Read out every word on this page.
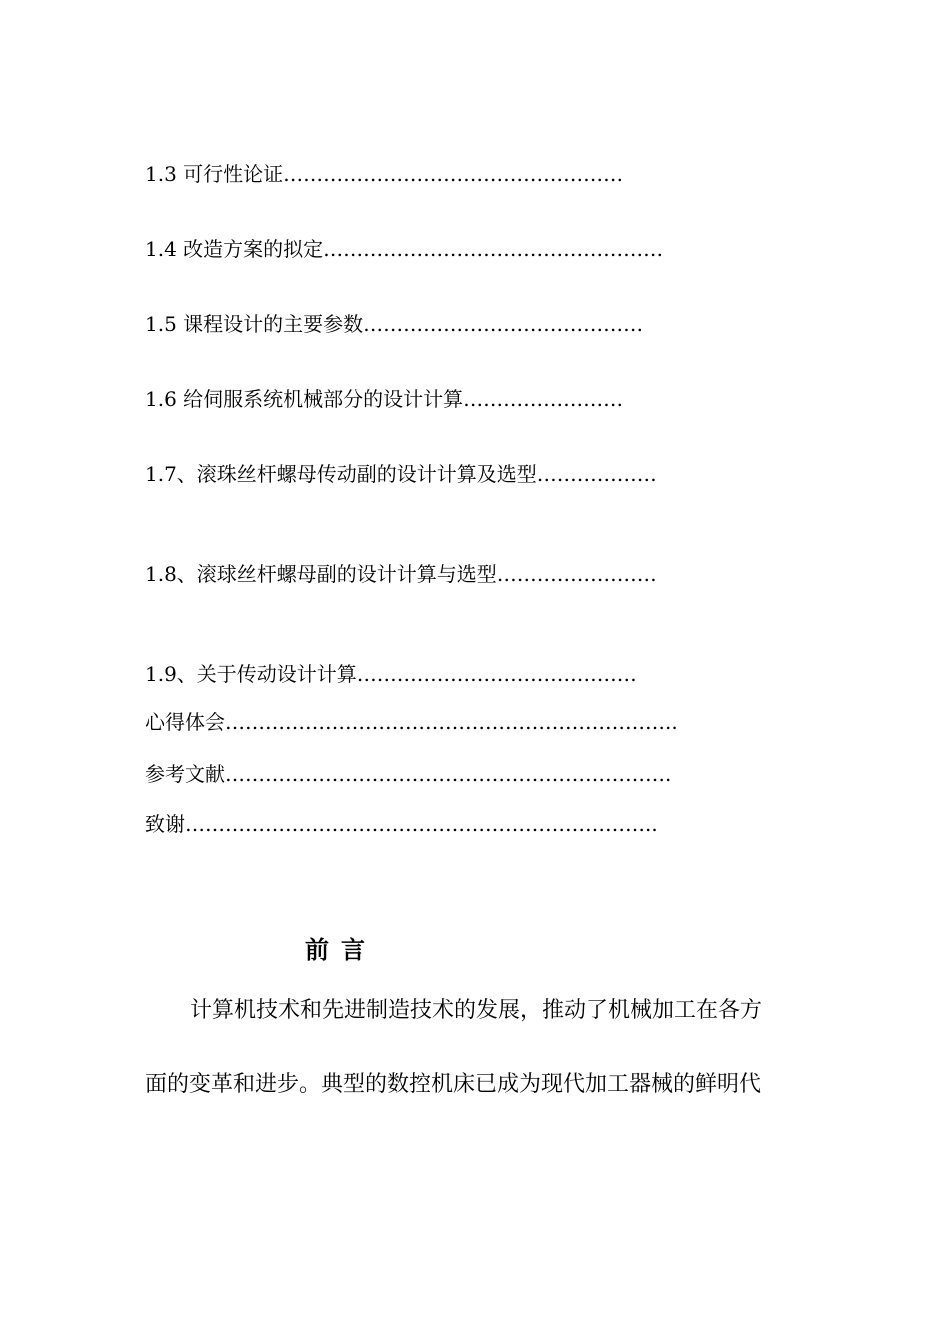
1.3 可行性论证……………………………………………
1.4 改造方案的拟定……………………………………………
1.5 课程设计的主要参数……………………………………
1.6 给伺服系统机械部分的设计计算……………………
1.7、滚珠丝杆螺母传动副的设计计算及选型………………
1.8、滚球丝杆螺母副的设计计算与选型……………………
1.9、关于传动设计计算……………………………………
心得体会…………………………………………………………..
参考文献………………………………………………………….
致谢……………………………………………………………..
前言
计算机技术和先进制造技术的发展，推动了机械加工在各方
面的变革和进步。典型的数控机床已成为现代加工器械的鲜明代
